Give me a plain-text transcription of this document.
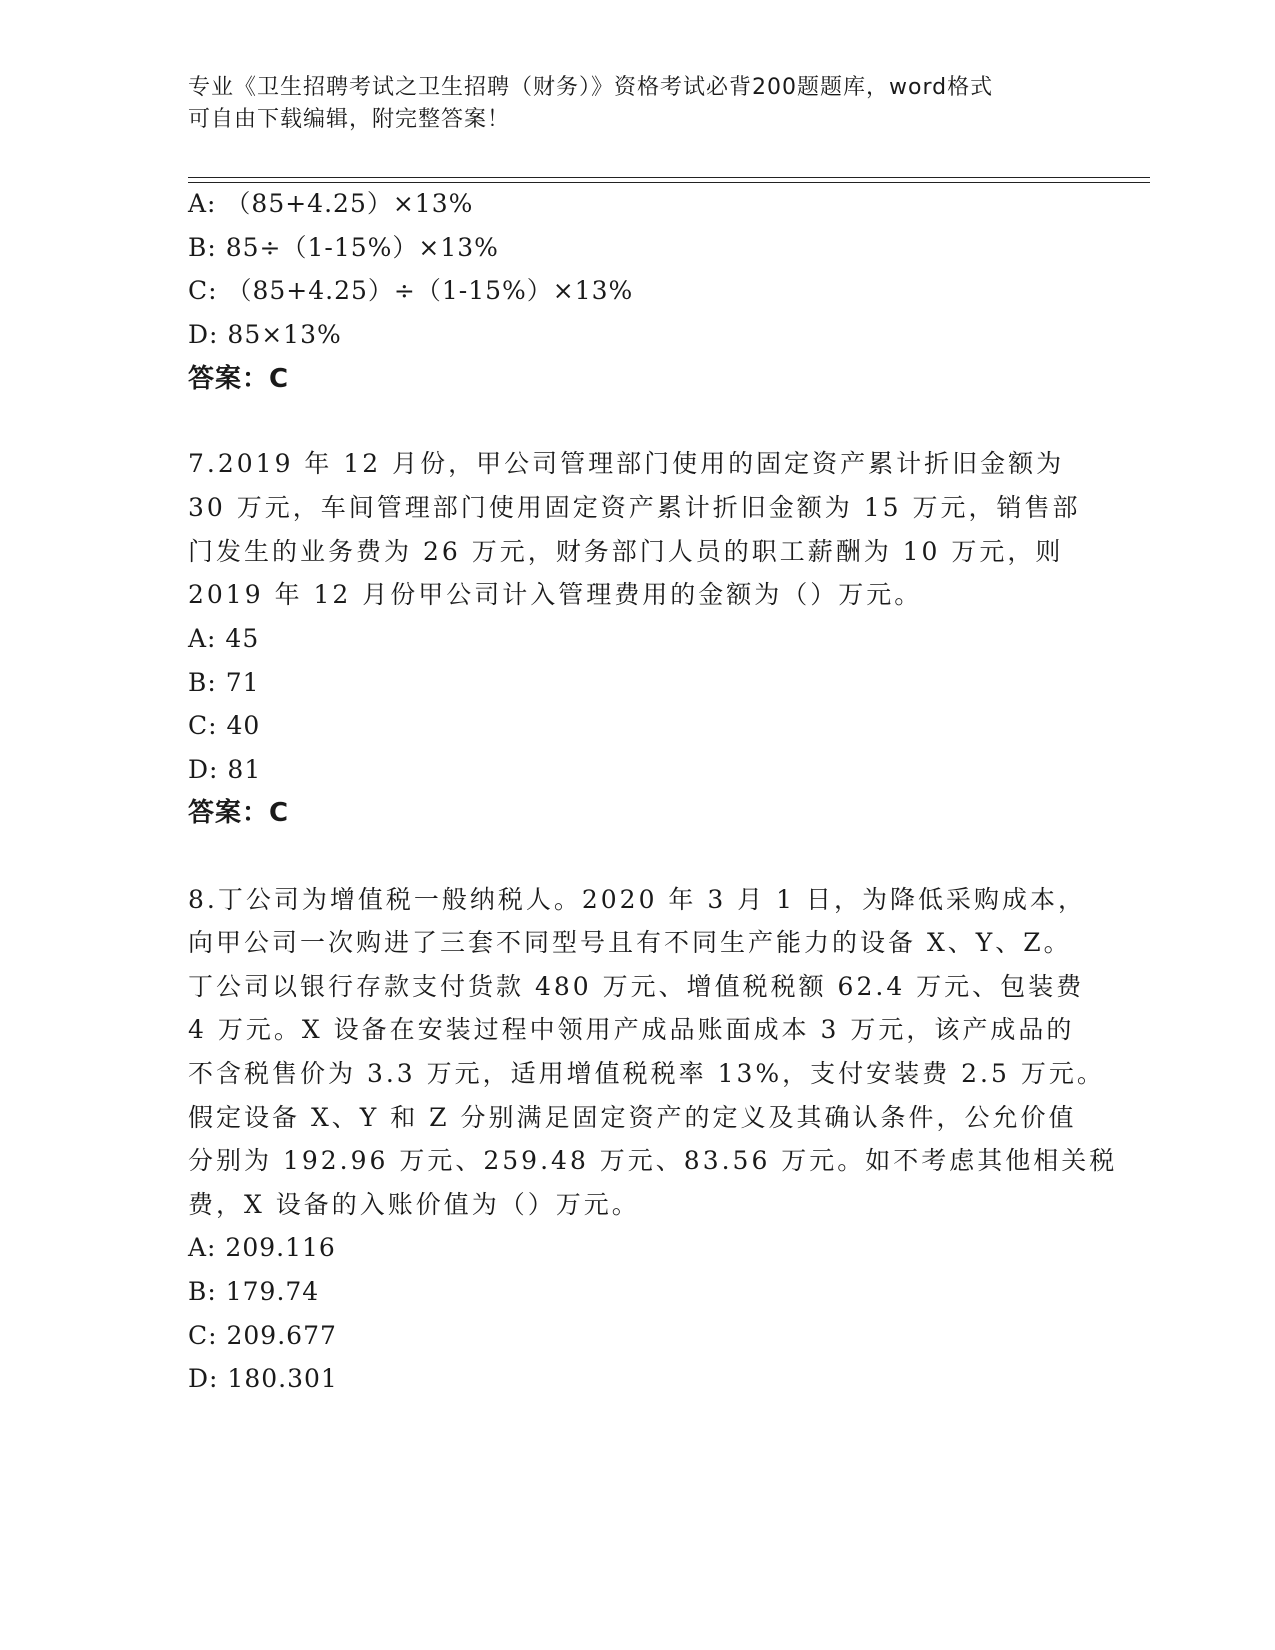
专业《卫生招聘考试之卫生招聘（财务）》资格考试必背200题题库，word格式
可自由下载编辑，附完整答案！
A: （85+4.25）×13%
B: 85÷（1-15%）×13%
C: （85+4.25）÷（1-15%）×13%
D: 85×13%
答案：C
7.2019 年 12 月份，甲公司管理部门使用的固定资产累计折旧金额为
30 万元，车间管理部门使用固定资产累计折旧金额为 15 万元，销售部
门发生的业务费为 26 万元，财务部门人员的职工薪酬为 10 万元，则
2019 年 12 月份甲公司计入管理费用的金额为（）万元。
A: 45
B: 71
C: 40
D: 81
答案：C
8.丁公司为增值税一般纳税人。2020 年 3 月 1 日，为降低采购成本，
向甲公司一次购进了三套不同型号且有不同生产能力的设备 X、Y、Z。
丁公司以银行存款支付货款 480 万元、增值税税额 62.4 万元、包装费
4 万元。X 设备在安装过程中领用产成品账面成本 3 万元，该产成品的
不含税售价为 3.3 万元，适用增值税税率 13%，支付安装费 2.5 万元。
假定设备 X、Y 和 Z 分别满足固定资产的定义及其确认条件，公允价值
分别为 192.96 万元、259.48 万元、83.56 万元。如不考虑其他相关税
费，X 设备的入账价值为（）万元。
A: 209.116
B: 179.74
C: 209.677
D: 180.301
